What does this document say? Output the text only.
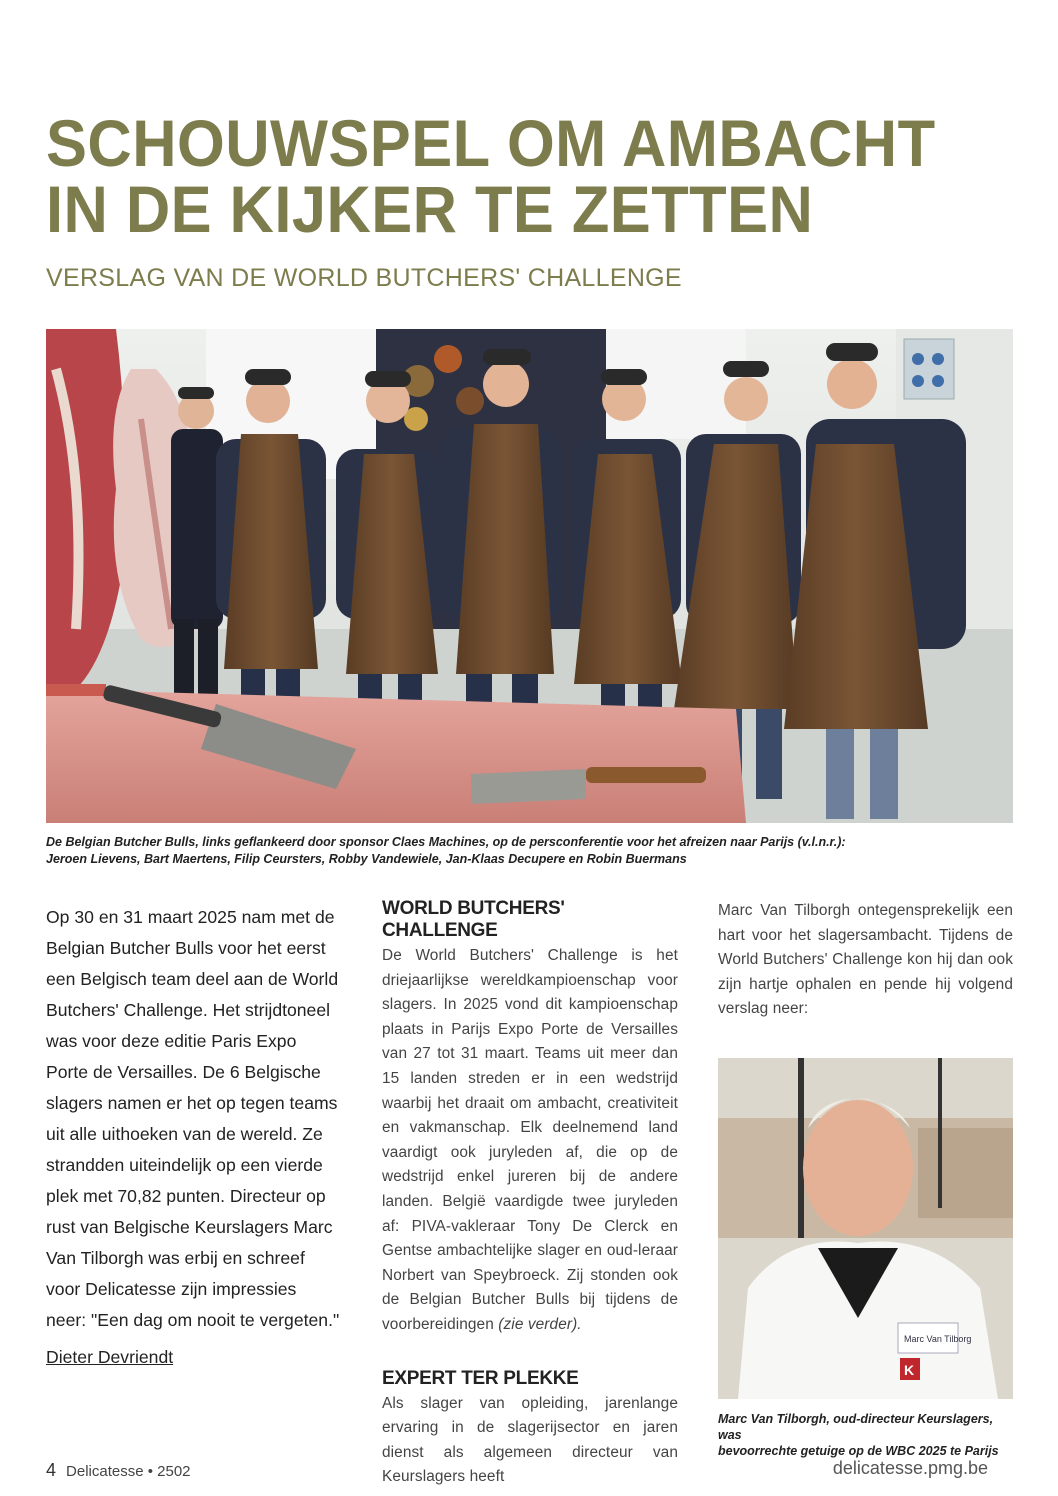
SCHOUWSPEL OM AMBACHT
IN DE KIJKER TE ZETTEN
VERSLAG VAN DE WORLD BUTCHERS' CHALLENGE
De Belgian Butcher Bulls, links geflankeerd door sponsor Claes Machines, op de persconferentie voor het afreizen naar Parijs (v.l.n.r.):
Jeroen Lievens, Bart Maertens, Filip Ceursters, Robby Vandewiele, Jan-Klaas Decupere en Robin Buermans

Op 30 en 31 maart 2025 nam met de Belgian Butcher Bulls voor het eerst een Belgisch team deel aan de World Butchers' Challenge. Het strijdtoneel was voor deze editie Paris Expo Porte de Versailles. De 6 Belgische slagers namen er het op tegen teams uit alle uithoeken van de wereld. Ze strandden uiteindelijk op een vierde plek met 70,82 punten. Directeur op rust van Belgische Keurslagers Marc Van Tilborgh was erbij en schreef voor Delicatesse zijn impressies neer: "Een dag om nooit te vergeten."

Dieter Devriendt
WORLD BUTCHERS' CHALLENGE

De World Butchers' Challenge is het driejaarlijkse wereldkampioenschap voor slagers. In 2025 vond dit kampioenschap plaats in Parijs Expo Porte de Versailles van 27 tot 31 maart. Teams uit meer dan 15 landen streden er in een wedstrijd waarbij het draait om ambacht, creativiteit en vakmanschap. Elk deelnemend land vaardigt ook juryleden af, die op de wedstrijd enkel jureren bij de andere landen. België vaardigde twee juryleden af: PIVA-vakleraar Tony De Clerck en Gentse ambachtelijke slager en oud-leraar Norbert van Speybroeck. Zij stonden ook de Belgian Butcher Bulls bij tijdens de voorbereidingen (zie verder).

EXPERT TER PLEKKE

Als slager van opleiding, jarenlange ervaring in de slagerijsector en jaren dienst als algemeen directeur van Keurslagers heeft

Marc Van Tilborgh ontegensprekelijk een hart voor het slagersambacht. Tijdens de World Butchers' Challenge kon hij dan ook zijn hartje ophalen en pende hij volgend verslag neer:

Marc Van Tilborg
K
Marc Van Tilborgh, oud-directeur Keurslagers, was
bevoorrechte getuige op de WBC 2025 te Parijs
4 Delicatesse • 2502	delicatesse.pmg.be
